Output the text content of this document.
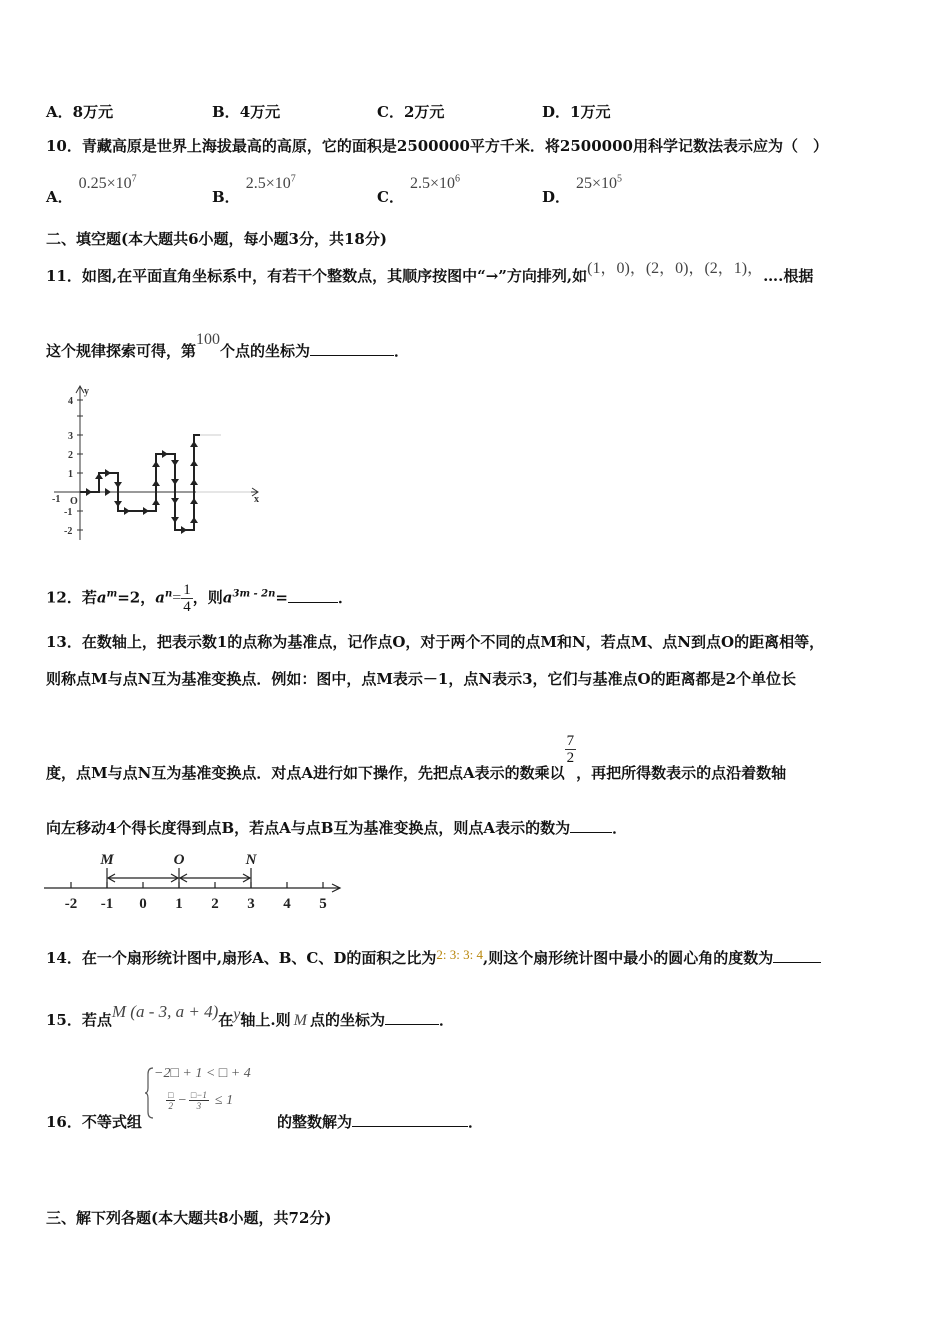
A．8万元	B．4万元	C．2万元	D．1万元
10．青藏高原是世界上海拔最高的高原，它的面积是2500000平方千米．将2500000用科学记数法表示应为（　）
A．$0.25\times 10^7$
B．$2.5\times 10^7$
C．$2.5\times 10^6$
D．$25\times 10^5$
二、填空题(本大题共6小题，每小题3分，共18分)
11．如图,在平面直角坐标系中，有若干个整数点，其顺序按图中“→”方向排列,如(1，0)，(2，0)，(2，1)，….根据
这个规律探索可得，第100个点的坐标为	．
y
x
O
4
3
2
1
-1
-2
-1
12．若$a^m=2$，$a^n= \frac{1}{4}$ ，则$a^{3m - 2n}=$	．
13．在数轴上，把表示数1的点称为基准点，记作点O，对于两个不同的点M和N，若点M、点N到点O的距离相等，
则称点M与点N互为基准变换点．例如：图中，点M表示－1，点N表示3，它们与基准点O的距离都是2个单位长
度，点M与点N互为基准变换点．对点A进行如下操作，先把点A表示的数乘以
$\frac{7}{2}$
，再把所得数表示的点沿着数轴
向左移动4个得长度得到点B，若点A与点B互为基准变换点，则点A表示的数为	．
M	O	N
-2 -1 0 1 2 3 4 5
14．在一个扇形统计图中,扇形A、B、C、D的面积之比为2: 3: 3: 4,则这个扇形统计图中最小的圆心角的度数为
15．若点M (a - 3, a + 4)在y轴上.则 M 点的坐标为	．
16．不等式组
−2□ + 1 < □ + 4
$\frac{□}{2} - \frac{□-1}{3} \le 1$
的整数解为	．
三、解下列各题(本大题共8小题，共72分)
